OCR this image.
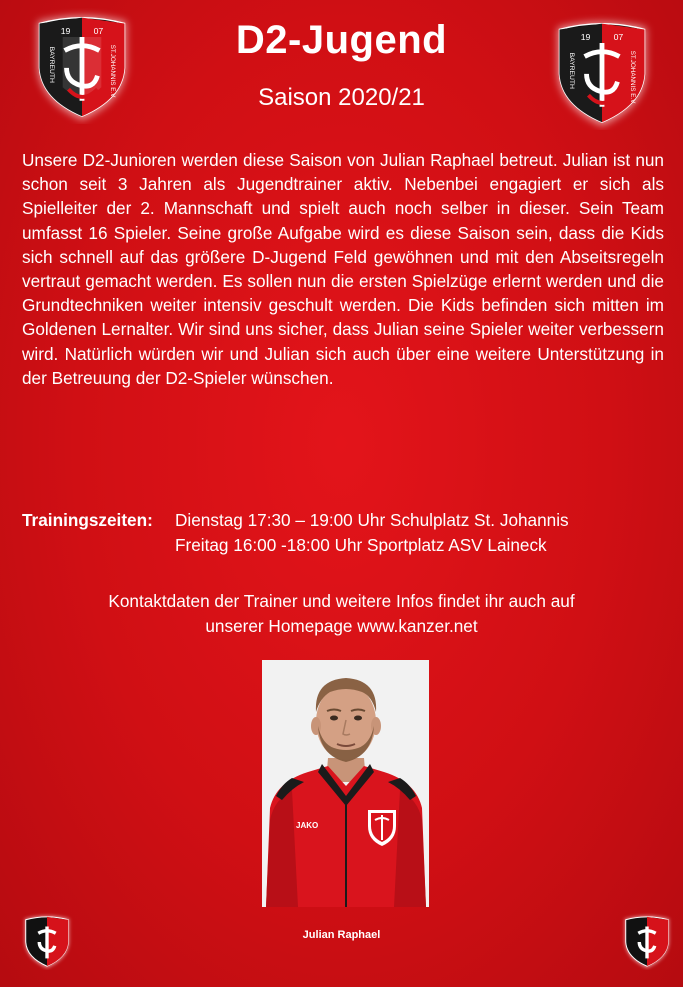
19	07
BAYREUTH	ST.JOHANNIS E.V.
19	07
BAYREUTH	ST.JOHANNIS E.V.
D2-Jugend
Saison 2020/21

Unsere D2-Junioren werden diese Saison von Julian Raphael betreut. Julian ist nun schon seit 3 Jahren als Jugendtrainer aktiv. Nebenbei engagiert er sich als Spielleiter der 2. Mannschaft und spielt auch noch selber in dieser. Sein Team umfasst 16 Spieler. Seine große Aufgabe wird es diese Saison sein, dass die Kids sich schnell auf das größere D-Jugend Feld gewöhnen und mit den Abseitsregeln vertraut gemacht werden. Es sollen nun die ersten Spielzüge erlernt werden und die Grundtechniken weiter intensiv geschult werden. Die Kids befinden sich mitten im Goldenen Lernalter. Wir sind uns sicher, dass Julian seine Spieler weiter verbessern wird. Natürlich würden wir und Julian sich auch über eine weitere Unterstützung in der Betreuung der D2-Spieler wünschen.

Trainingszeiten:	Dienstag 17:30 – 19:00 Uhr Schulplatz St. Johannis
Freitag 16:00 -18:00 Uhr Sportplatz ASV Laineck
Kontaktdaten der Trainer und weitere Infos findet ihr auch auf
unserer Homepage www.kanzer.net
JAKO
Julian Raphael
